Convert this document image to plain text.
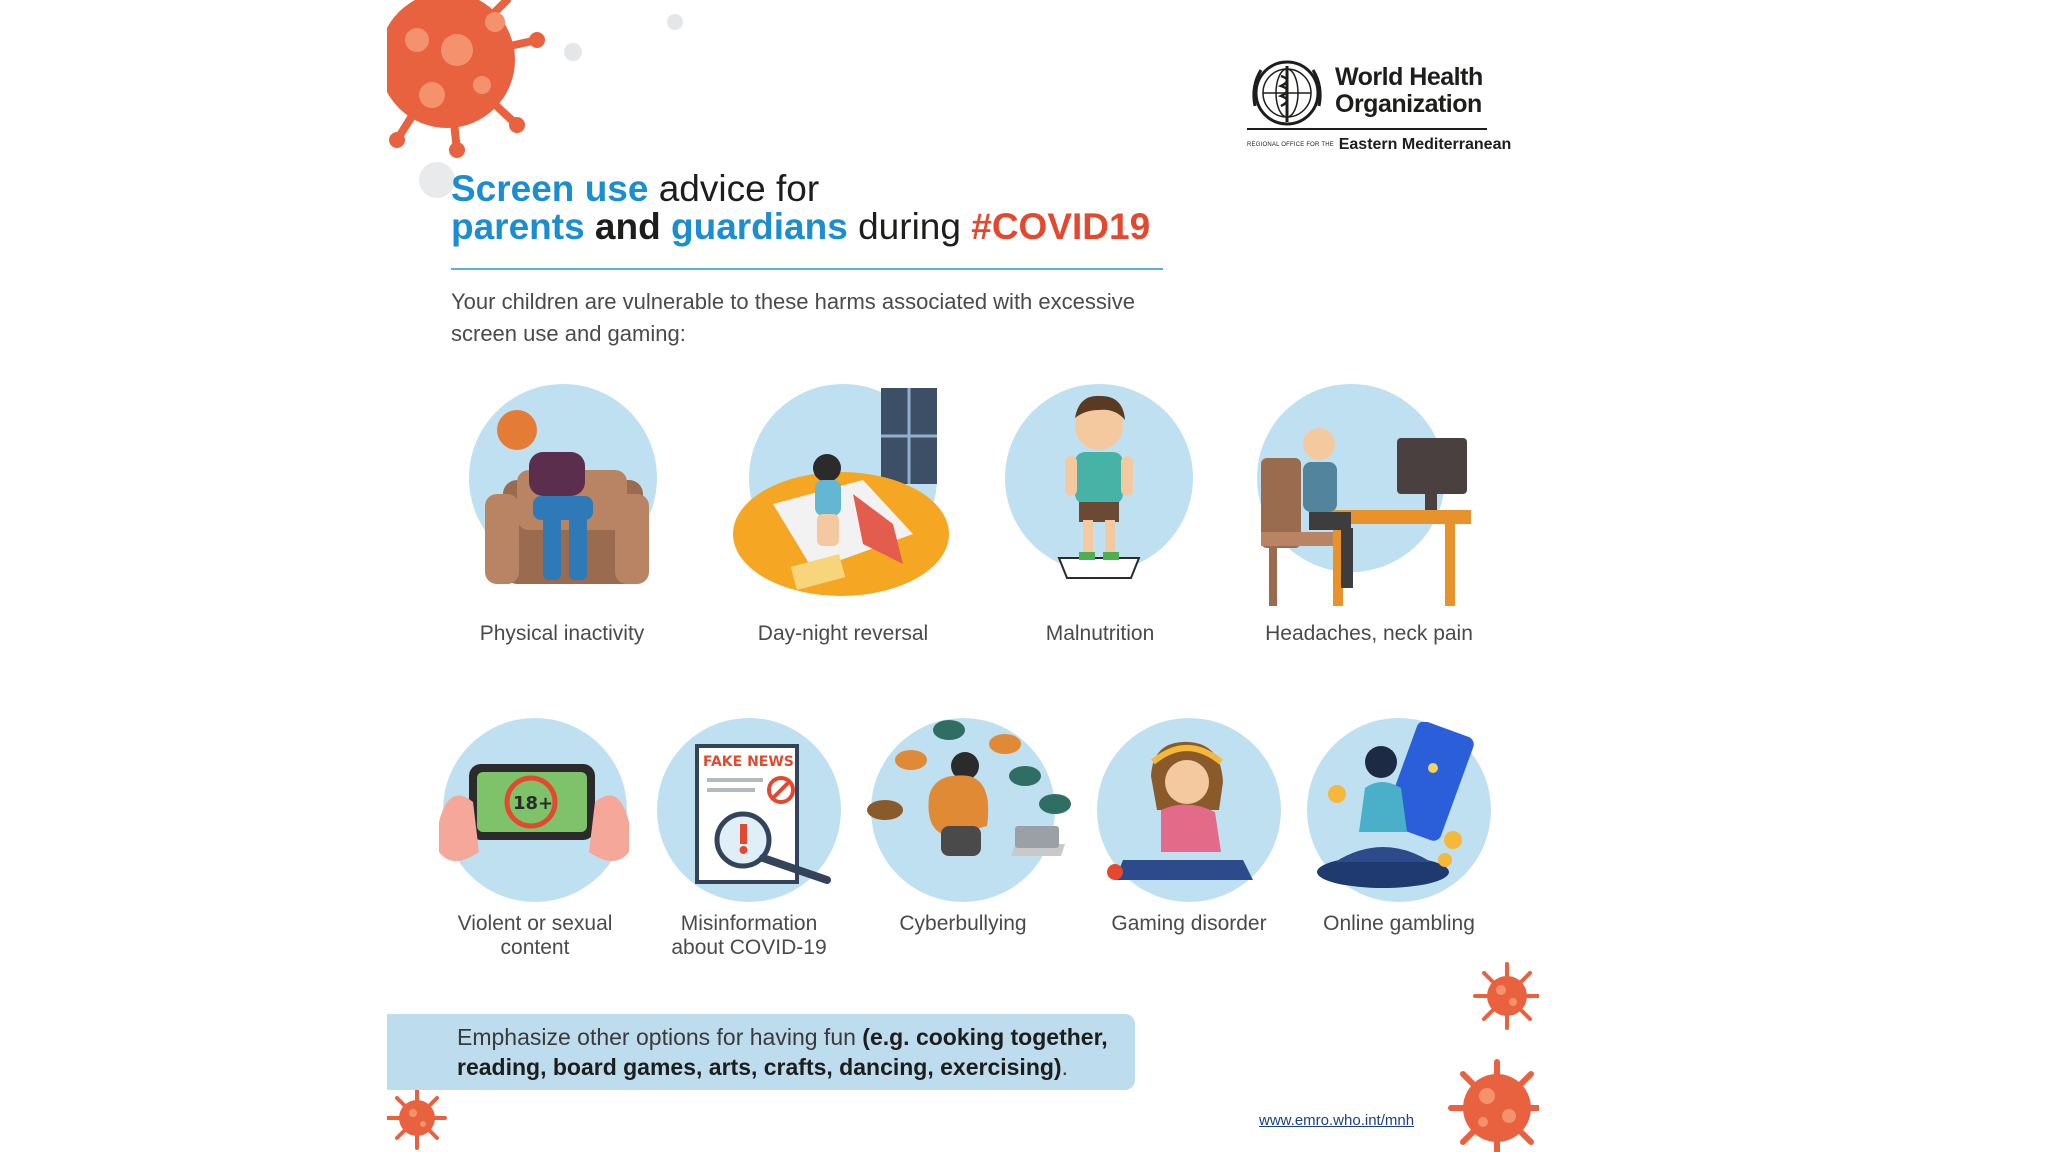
World Health
Organization
REGIONAL OFFICE FOR THE Eastern Mediterranean
Screen use advice for
parents and guardians during #COVID19
Your children are vulnerable to these harms associated with excessive screen use and gaming:
Physical inactivity	Day-night reversal	Malnutrition	Headaches, neck pain
18+
Violent or sexual
content
FAKE NEWS
Misinformation
about COVID-19
Cyberbullying	Gaming disorder	Online gambling
Emphasize other options for having fun (e.g. cooking together, reading, board games, arts, crafts, dancing, exercising).
www.emro.who.int/mnh
